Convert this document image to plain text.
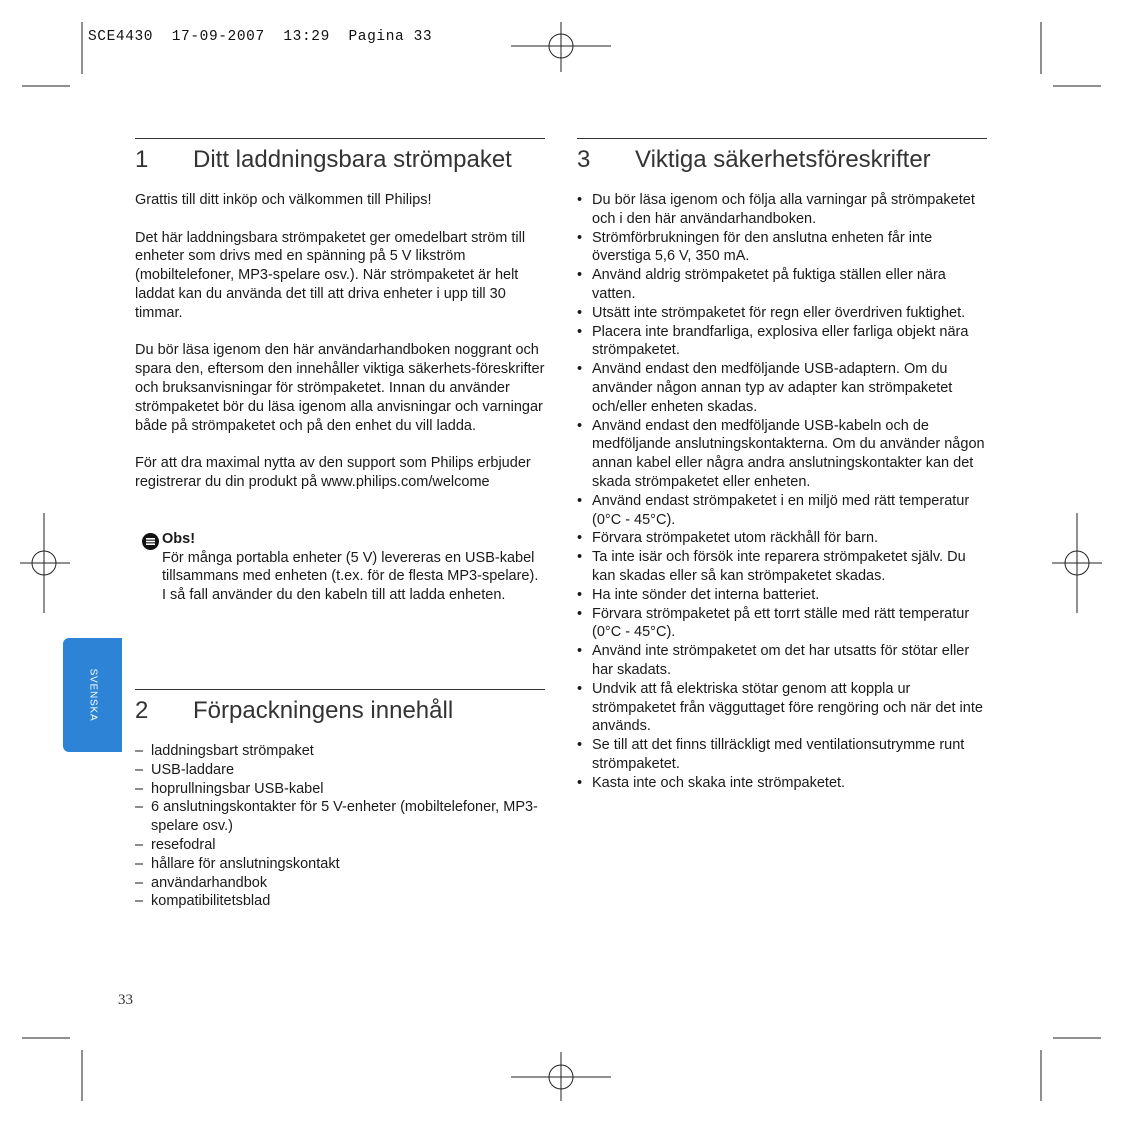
SCE4430 17-09-2007 13:29 Pagina 33
SVENSKA
1	Ditt laddningsbara strömpaket

Grattis till ditt inköp och välkommen till Philips!

Det här laddningsbara strömpaketet ger omedelbart ström till enheter som drivs med en spänning på 5 V likström (mobiltelefoner, MP3-spelare osv.). När strömpaketet är helt laddat kan du använda det till att driva enheter i upp till 30 timmar.

Du bör läsa igenom den här användarhandboken noggrant och spara den, eftersom den innehåller viktiga säkerhets-föreskrifter och bruksanvisningar för strömpaketet. Innan du använder strömpaketet bör du läsa igenom alla anvisningar och varningar både på strömpaketet och på den enhet du vill ladda.

För att dra maximal nytta av den support som Philips erbjuder registrerar du din produkt på www.philips.com/welcome

Obs!
För många portabla enheter (5 V) levereras en USB-kabel tillsammans med enheten (t.ex. för de flesta MP3-spelare). I så fall använder du den kabeln till att ladda enheten.
2	Förpackningens innehåll
– laddningsbart strömpaket
– USB-laddare
– hoprullningsbar USB-kabel
– 6 anslutningskontakter för 5 V-enheter (mobiltelefoner, MP3-spelare osv.)
– resefodral
– hållare för anslutningskontakt
– användarhandbok
– kompatibilitetsblad
3	Viktiga säkerhetsföreskrifter
• Du bör läsa igenom och följa alla varningar på strömpaketet och i den här användarhandboken.
• Strömförbrukningen för den anslutna enheten får inte överstiga 5,6 V, 350 mA.
• Använd aldrig strömpaketet på fuktiga ställen eller nära vatten.
• Utsätt inte strömpaketet för regn eller överdriven fuktighet.
• Placera inte brandfarliga, explosiva eller farliga objekt nära strömpaketet.
• Använd endast den medföljande USB-adaptern. Om du använder någon annan typ av adapter kan strömpaketet och/eller enheten skadas.
• Använd endast den medföljande USB-kabeln och de medföljande anslutningskontakterna. Om du använder någon annan kabel eller några andra anslutningskontakter kan det skada strömpaketet eller enheten.
• Använd endast strömpaketet i en miljö med rätt temperatur (0°C - 45°C).
• Förvara strömpaketet utom räckhåll för barn.
• Ta inte isär och försök inte reparera strömpaketet själv. Du kan skadas eller så kan strömpaketet skadas.
• Ha inte sönder det interna batteriet.
• Förvara strömpaketet på ett torrt ställe med rätt temperatur (0°C - 45°C).
• Använd inte strömpaketet om det har utsatts för stötar eller har skadats.
• Undvik att få elektriska stötar genom att koppla ur strömpaketet från vägguttaget före rengöring och när det inte används.
• Se till att det finns tillräckligt med ventilationsutrymme runt strömpaketet.
• Kasta inte och skaka inte strömpaketet.
33
